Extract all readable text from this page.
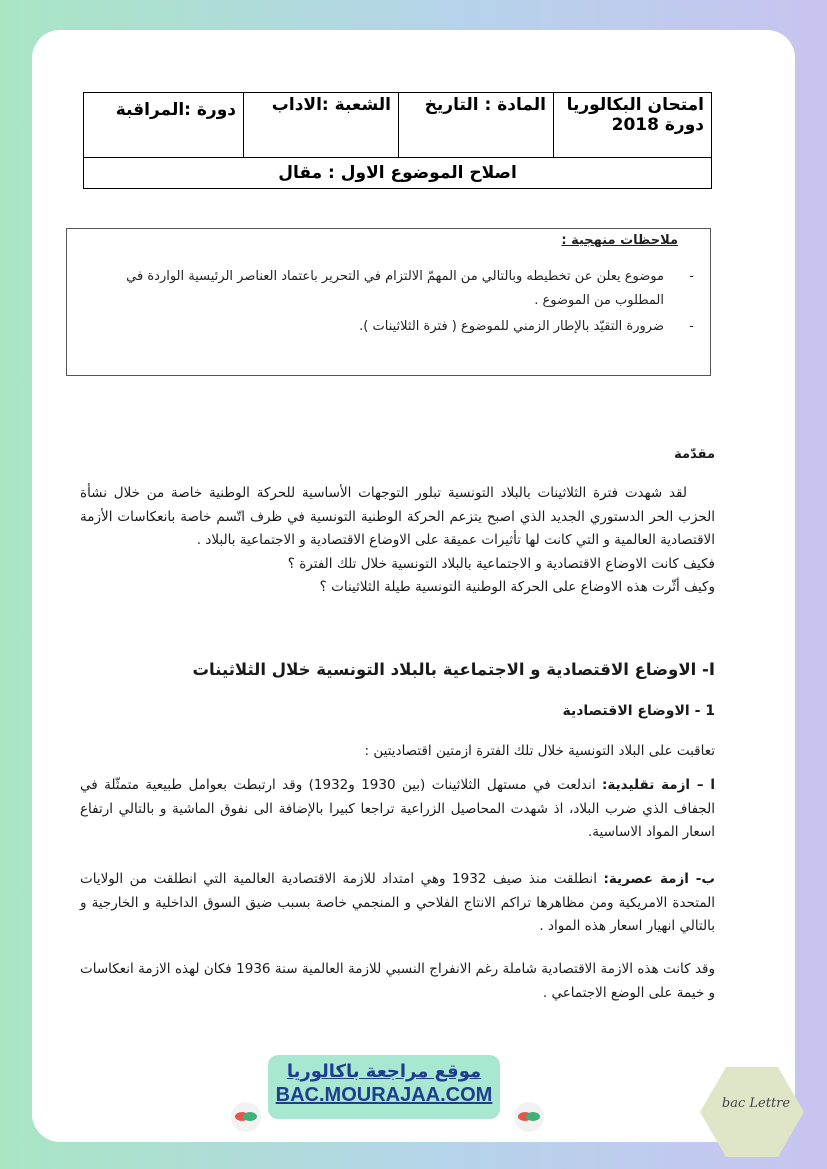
دورة :المراقبة	الشعبة :الاداب	المادة : التاريخ	امتحان البكالوريا
دورة 2018

اصلاح الموضوع الاول : مقال
ملاحظات منهجية :
- موضوع يعلن عن تخطيطه وبالتالي من المهمّ الالتزام في التحرير باعتماد العناصر الرئيسية الواردة في المطلوب من الموضوع .
- ضرورة التقيّد بالإطار الزمني للموضوع ( فترة الثلاثينات ).
مقدّمة
لقد شهدت فترة الثلاثينات بالبلاد التونسية تبلور التوجهات الأساسية للحركة الوطنية خاصة من خلال نشأة الحزب الحر الدستوري الجديد الذي اصبح يتزعم الحركة الوطنية التونسية في ظرف اتّسم خاصة بانعكاسات الأزمة الاقتصادية العالمية و التي كانت لها تأثيرات عميقة على الاوضاع الاقتصادية و الاجتماعية بالبلاد .
فكيف كانت الاوضاع الاقتصادية و الاجتماعية بالبلاد التونسية خلال تلك الفترة ؟
وكيف أثّرت هذه الاوضاع على الحركة الوطنية التونسية طيلة الثلاثينات ؟
I- الاوضاع الاقتصادية و الاجتماعية بالبلاد التونسية خلال الثلاثينات
1 - الاوضاع الاقتصادية
تعاقبت على البلاد التونسية خلال تلك الفترة ازمتين اقتصاديتين :
ا – ازمة تقليدية: اندلعت في مستهل الثلاثينات (بين 1930 و1932) وقد ارتبطت بعوامل طبيعية متمثّلة في الجفاف الذي ضرب البلاد، اذ شهدت المحاصيل الزراعية تراجعا كبيرا بالإضافة الى نفوق الماشية و بالتالي ارتفاع اسعار المواد الاساسية.
ب- ازمة عصرية: انطلقت منذ صيف 1932 وهي امتداد للازمة الاقتصادية العالمية التي انطلقت من الولايات المتحدة الامريكية ومن مظاهرها تراكم الانتاج الفلاحي و المنجمي خاصة بسبب ضيق السوق الداخلية و الخارجية و بالتالي انهيار اسعار هذه المواد .
وقد كانت هذه الازمة الاقتصادية شاملة رغم الانفراج النسبي للازمة العالمية سنة 1936 فكان لهذه الازمة انعكاسات و خيمة على الوضع الاجتماعي .
موقع مراجعة باكالوريا
BAC.MOURAJAA.COM	bac Lettre
